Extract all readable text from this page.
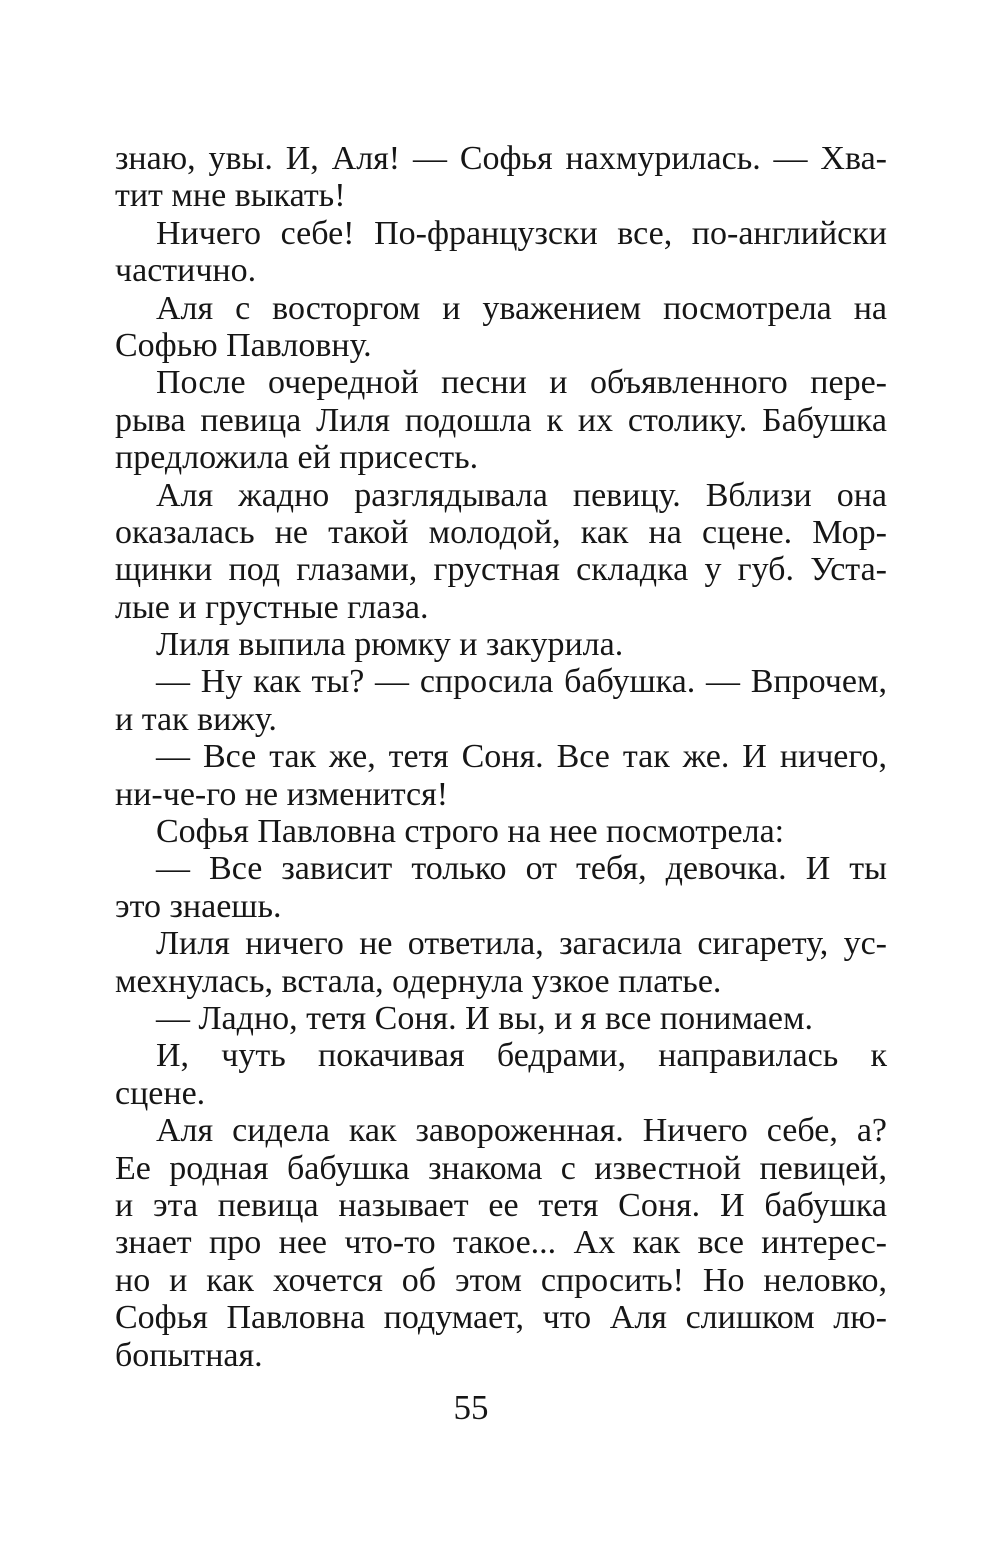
знаю, увы. И, Аля! — Софья нахмурилась. — Хва-
тит мне выкать!
Ничего себе! По-французски все, по-английски
частично.
Аля с восторгом и уважением посмотрела на
Софью Павловну.
После очередной песни и объявленного пере-
рыва певица Лиля подошла к их столику. Бабушка
предложила ей присесть.
Аля жадно разглядывала певицу. Вблизи она
оказалась не такой молодой, как на сцене. Мор-
щинки под глазами, грустная складка у губ. Уста-
лые и грустные глаза.
Лиля выпила рюмку и закурила.
— Ну как ты? — спросила бабушка. — Впрочем,
и так вижу.
— Все так же, тетя Соня. Все так же. И ничего,
ни-че-го не изменится!
Софья Павловна строго на нее посмотрела:
— Все зависит только от тебя, девочка. И ты
это знаешь.
Лиля ничего не ответила, загасила сигарету, ус-
мехнулась, встала, одернула узкое платье.
— Ладно, тетя Соня. И вы, и я все понимаем.
И, чуть покачивая бедрами, направилась к
сцене.
Аля сидела как завороженная. Ничего себе, а?
Ее родная бабушка знакома с известной певицей,
и эта певица называет ее тетя Соня. И бабушка
знает про нее что-то такое... Ах как все интерес-
но и как хочется об этом спросить! Но неловко,
Софья Павловна подумает, что Аля слишком лю-
бопытная.
55
